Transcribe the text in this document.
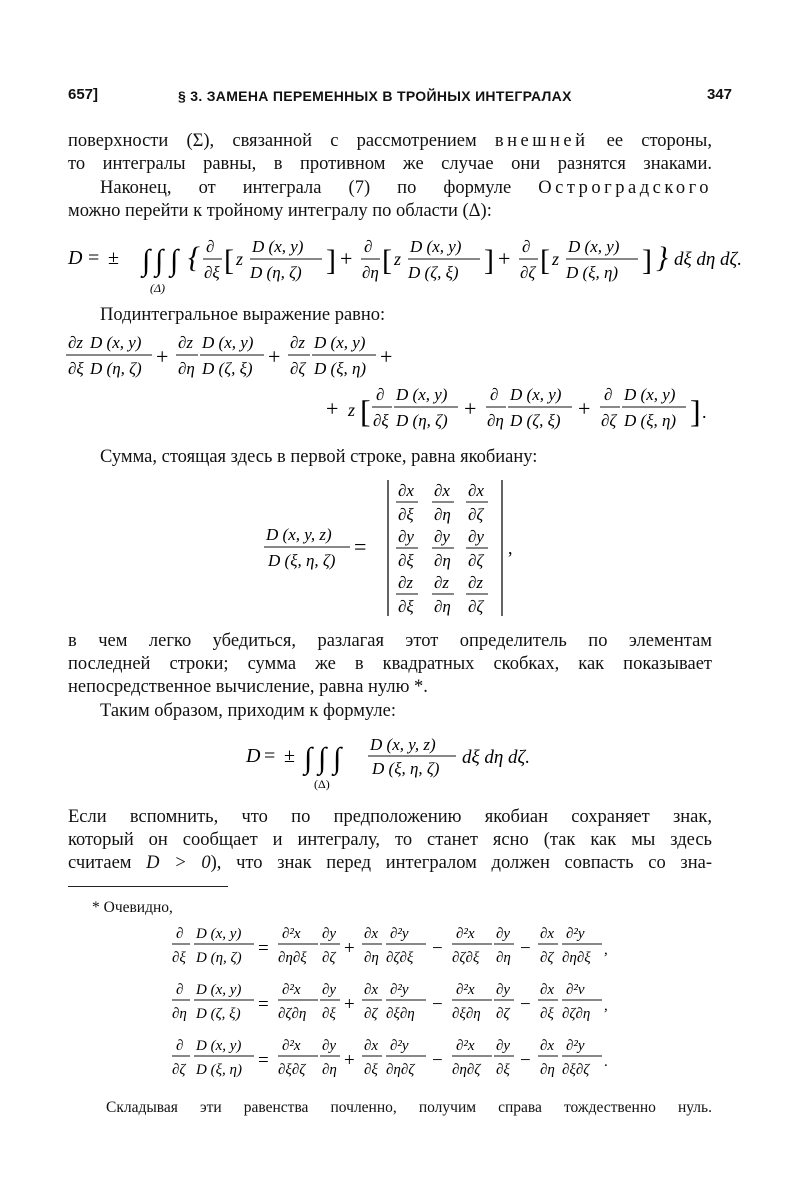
657]	§ 3. ЗАМЕНА ПЕРЕМЕННЫХ В ТРОЙНЫХ ИНТЕГРАЛАХ	347
поверхности (Σ), связанной с рассмотрением внешней ее стороны,
то интегралы равны, в противном же случае они разнятся знаками.
Наконец, от интеграла (7) по формуле Остроградского
можно перейти к тройному интегралу по области (Δ):
D = ± ∫ ∫ ∫
(Δ)
{ ∂
∂ξ [ z
D (x, y)
D (η, ζ) ] + ∂
∂η [ z
D (x, y)
D (ζ, ξ) ] + ∂
∂ζ [ z
D (x, y)
D (ξ, η) ] } dξ dη dζ.
Подинтегральное выражение равно:
∂z
∂ξ
D (x, y)
D (η, ζ) +
∂z
∂η
D (x, y)
D (ζ, ξ) +
∂z
∂ζ
D (x, y)
D (ξ, η) +
+ z [ ∂
∂ξ
D (x, y)
D (η, ζ) +
∂
∂η
D (x, y)
D (ζ, ξ) +
∂
∂ζ
D (x, y)
D (ξ, η) ] .
Сумма, стоящая здесь в первой строке, равна якобиану:
D (x, y, z)
D (ξ, η, ζ)
=
∂x
∂ξ
∂x
∂η
∂x
∂ζ
∂y
∂ξ
∂y
∂η
∂y
∂ζ
∂z
∂ξ
∂z
∂η
∂z
∂ζ
,
в чем легко убедиться, разлагая этот определитель по элементам
последней строки; сумма же в квадратных скобках, как показывает
непосредственное вычисление, равна нулю *.
Таким образом, приходим к формуле:
D = ± ∫ ∫ ∫
(Δ)
D (x, y, z)
D (ξ, η, ζ)
dξ dη dζ.
Если вспомнить, что по предположению якобиан сохраняет знак,
который он сообщает и интегралу, то станет ясно (так как мы здесь
считаем D > 0), что знак перед интегралом должен совпасть со зна-
* Очевидно,
∂
∂ξ
D (x, y)
D (η, ζ) =
∂²x
∂η∂ξ
∂y
∂ζ +
∂x
∂η
∂²y
∂ζ∂ξ −
∂²x
∂ζ∂ξ
∂y
∂η −
∂x
∂ζ
∂²y
∂η∂ξ ,
∂
∂η
D (x, y)
D (ζ, ξ) =
∂²x
∂ζ∂η
∂y
∂ξ +
∂x
∂ζ
∂²y
∂ξ∂η −
∂²x
∂ξ∂η
∂y
∂ζ −
∂x
∂ξ
∂²v
∂ζ∂η ,
∂
∂ζ
D (x, y)
D (ξ, η) =
∂²x
∂ξ∂ζ
∂y
∂η +
∂x
∂ξ
∂²y
∂η∂ζ −
∂²x
∂η∂ζ
∂y
∂ξ −
∂x
∂η
∂²y
∂ξ∂ζ .
Складывая эти равенства почленно, получим справа тождественно нуль.
